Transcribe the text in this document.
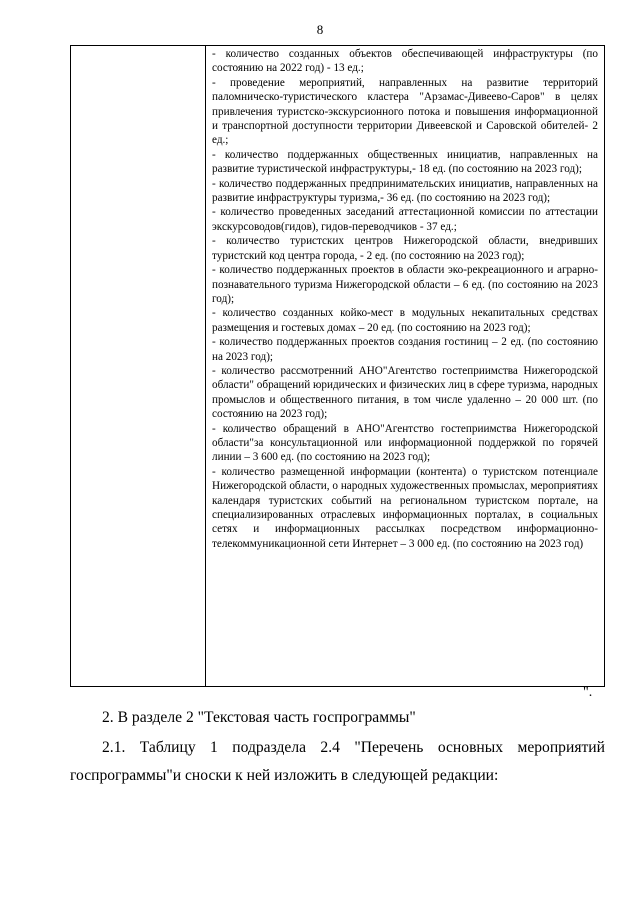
8

- количество созданных объектов обеспечивающей инфраструктуры (по состоянию на 2022 год) - 13 ед.;

- проведение мероприятий, направленных на развитие территорий паломническо-туристического кластера "Арзамас-Дивеево-Саров" в целях привлечения туристско-экскурсионного потока и повышения информационной и транспортной доступности территории Дивеевской и Саровской обителей- 2 ед.;

- количество поддержанных общественных инициатив, направленных на развитие туристической инфраструктуры,- 18 ед. (по состоянию на 2023 год);

- количество поддержанных предпринимательских инициатив, направленных на развитие инфраструктуры туризма,- 36 ед. (по состоянию на 2023 год);

- количество проведенных заседаний аттестационной комиссии по аттестации экскурсоводов(гидов), гидов-переводчиков - 37 ед.;

- количество туристских центров Нижегородской области, внедривших туристский код центра города, - 2 ед. (по состоянию на 2023 год);

- количество поддержанных проектов в области эко-рекреационного и аграрно-познавательного туризма Нижегородской области – 6 ед. (по состоянию на 2023 год);

- количество созданных койко-мест в модульных некапитальных средствах размещения и гостевых домах – 20 ед. (по состоянию на 2023 год);

- количество поддержанных проектов создания гостиниц – 2 ед. (по состоянию на 2023 год);

- количество рассмотренний АНО"Агентство гостеприимства Нижегородской области" обращений юридических и физических лиц в сфере туризма, народных промыслов и общественного питания, в том числе удаленно – 20 000 шт. (по состоянию на 2023 год);

- количество обращений в АНО"Агентство гостеприимства Нижегородской области"за консультационной или информационной поддержкой по горячей линии – 3 600 ед. (по состоянию на 2023 год);

- количество размещенной информации (контента) о туристском потенциале Нижегородской области, о народных художественных промыслах, мероприятиях календаря туристских событий на региональном туристском портале, на специализированных отраслевых информационных порталах, в социальных сетях и информационных рассылках посредством информационно-телекоммуникационной сети Интернет – 3 000 ед. (по состоянию на 2023 год)

".

2. В разделе 2 "Текстовая часть госпрограммы"

2.1. Таблицу 1 подраздела 2.4 "Перечень основных мероприятий госпрограммы"и сноски к ней изложить в следующей редакции:
